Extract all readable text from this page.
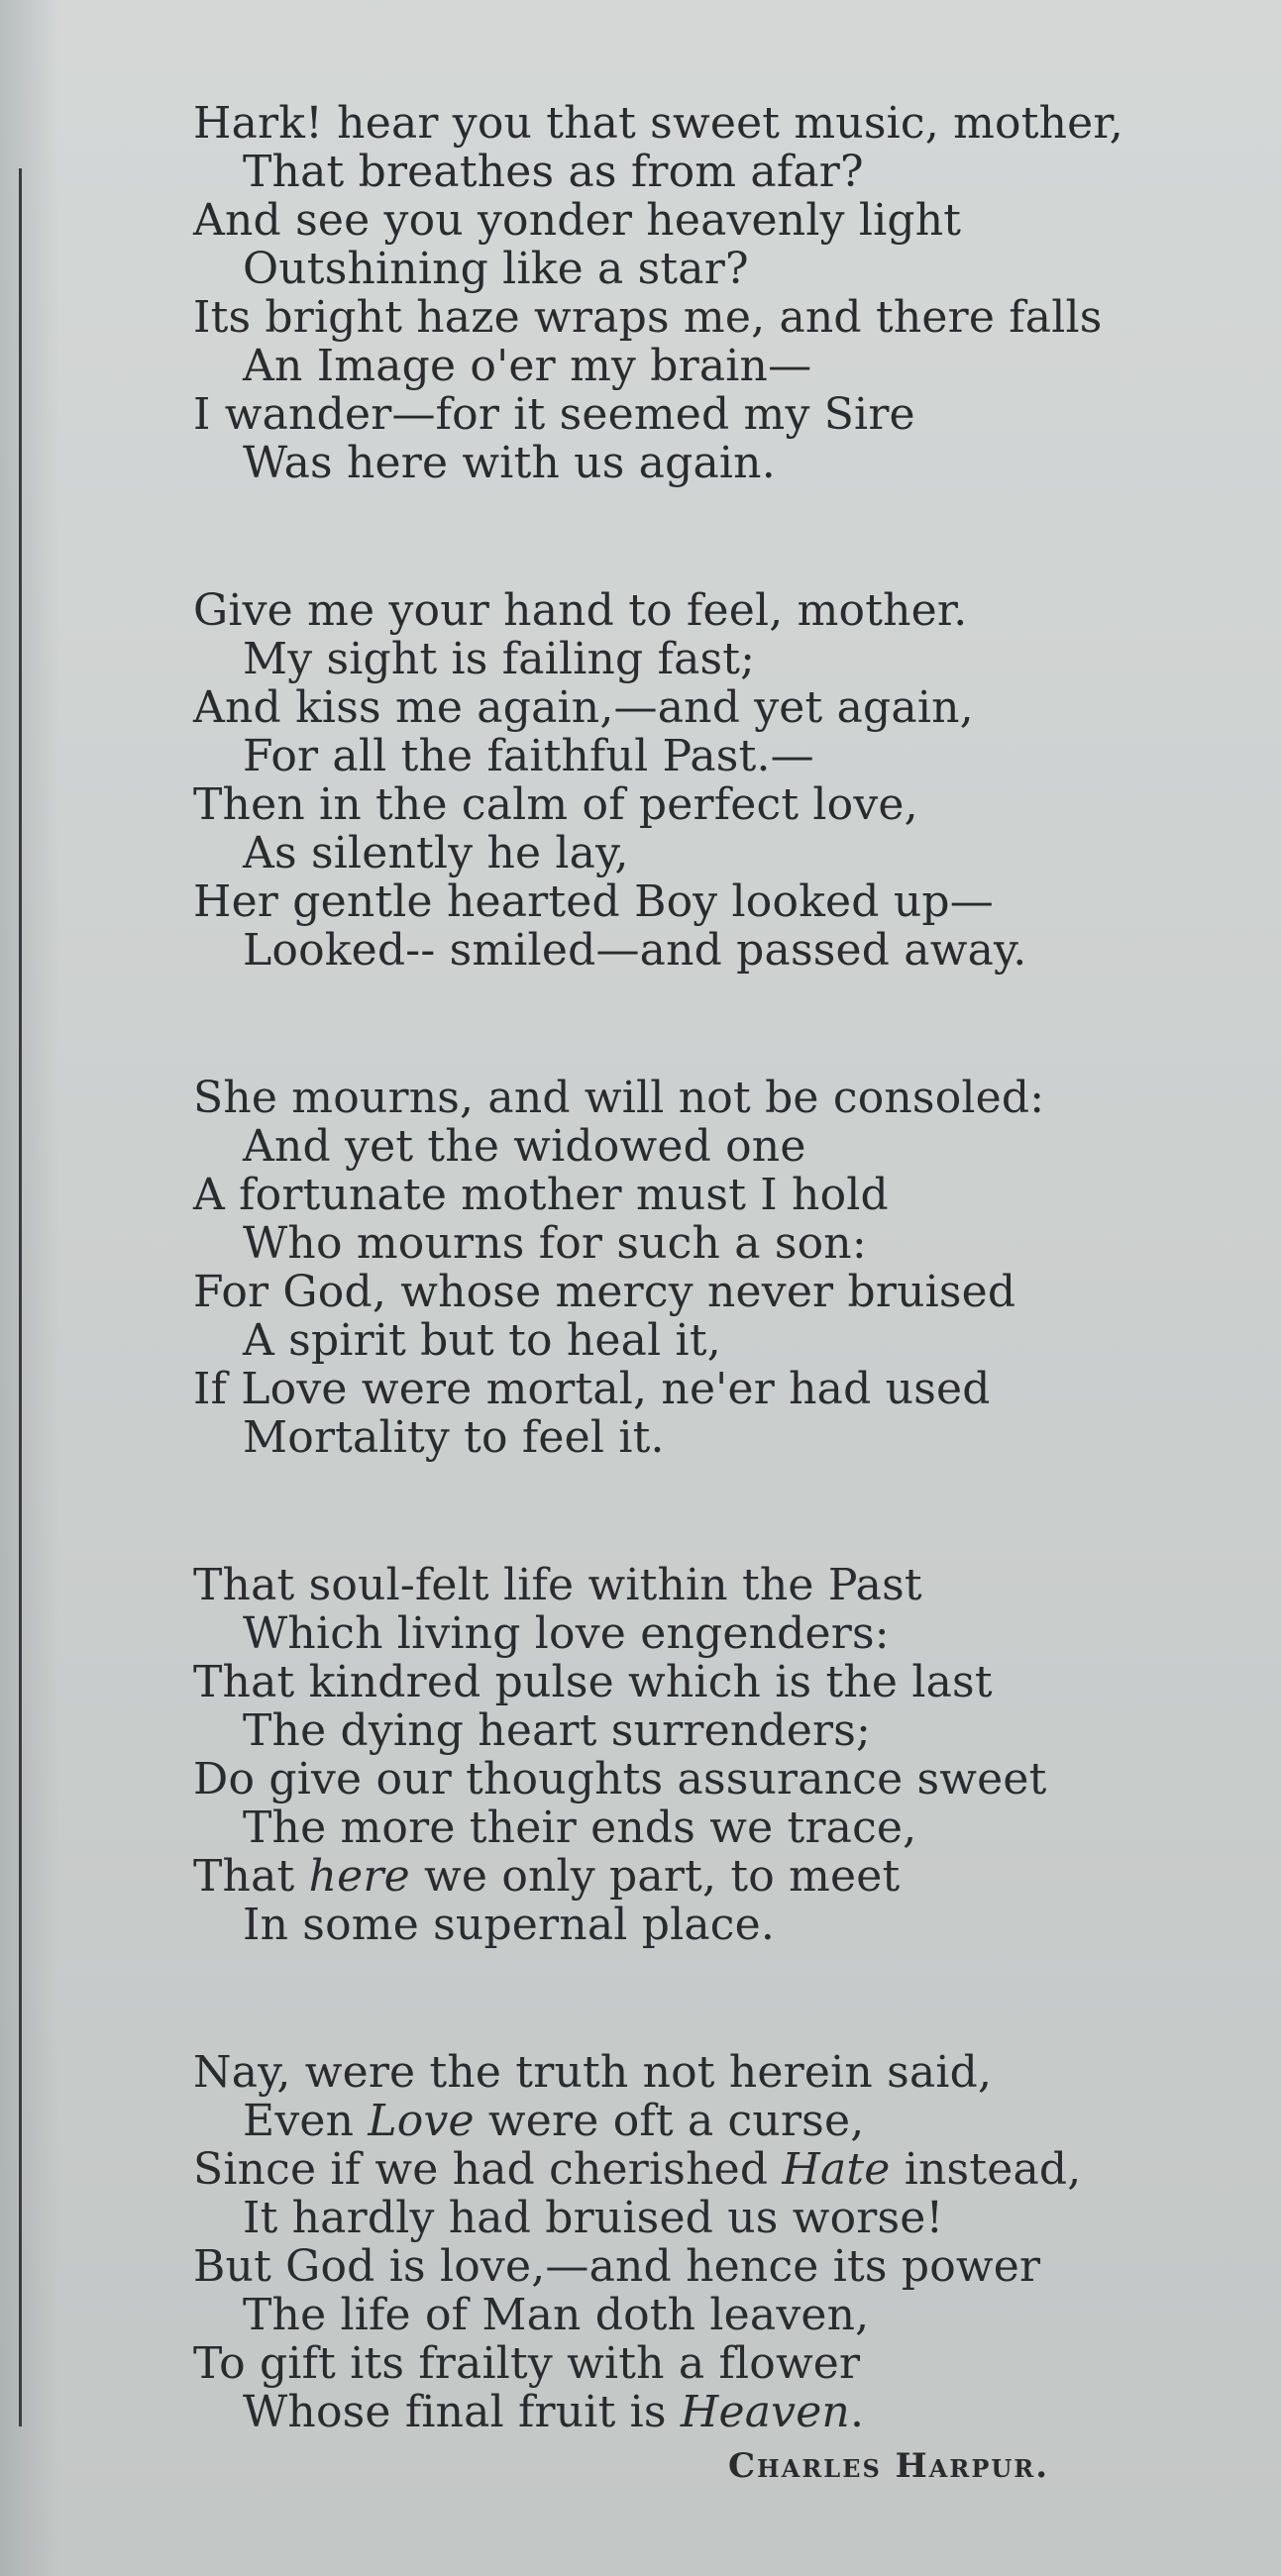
Hark! hear you that sweet music, mother,
That breathes as from afar?
And see you yonder heavenly light
Outshining like a star?
Its bright haze wraps me, and there falls
An Image o'er my brain—
I wander—for it seemed my Sire
Was here with us again.
Give me your hand to feel, mother.
My sight is failing fast;
And kiss me again,—and yet again,
For all the faithful Past.—
Then in the calm of perfect love,
As silently he lay,
Her gentle hearted Boy looked up—
Looked-- smiled—and passed away.
She mourns, and will not be consoled:
And yet the widowed one
A fortunate mother must I hold
Who mourns for such a son:
For God, whose mercy never bruised
A spirit but to heal it,
If Love were mortal, ne'er had used
Mortality to feel it.
That soul-felt life within the Past
Which living love engenders:
That kindred pulse which is the last
The dying heart surrenders;
Do give our thoughts assurance sweet
The more their ends we trace,
That here we only part, to meet
In some supernal place.
Nay, were the truth not herein said,
Even Love were oft a curse,
Since if we had cherished Hate instead,
It hardly had bruised us worse!
But God is love,—and hence its power
The life of Man doth leaven,
To gift its frailty with a flower
Whose final fruit is Heaven.
Charles Harpur.
